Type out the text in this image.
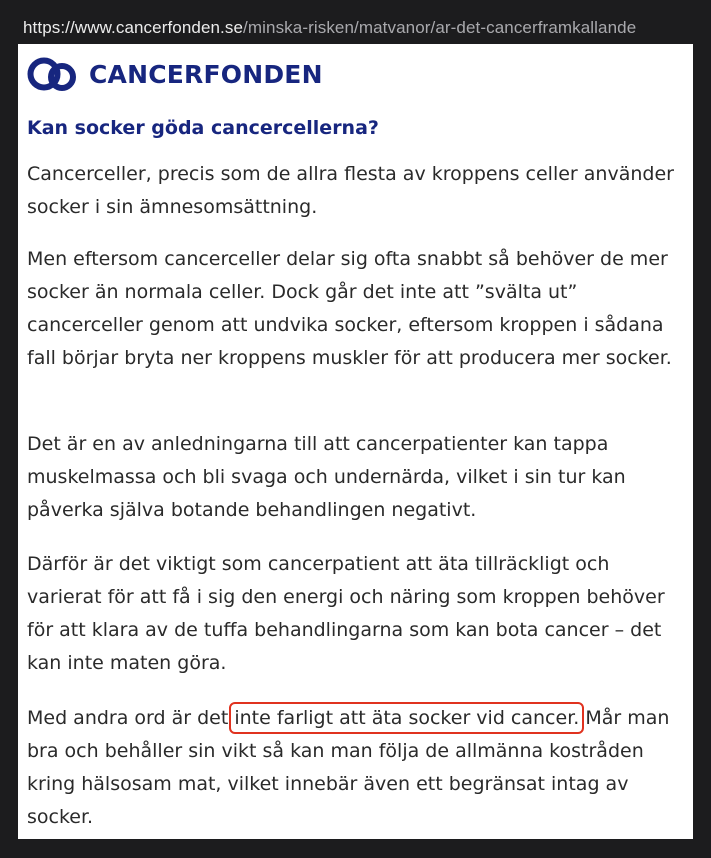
https://www.cancerfonden.se/minska-risken/matvanor/ar-det-cancerframkallande
CANCERFONDEN
Kan socker göda cancercellerna?

Cancerceller, precis som de allra flesta av kroppens celler använder socker i sin ämnesomsättning.

Men eftersom cancerceller delar sig ofta snabbt så behöver de mer socker än normala celler. Dock går det inte att ”svälta ut” cancerceller genom att undvika socker, eftersom kroppen i sådana fall börjar bryta ner kroppens muskler för att producera mer socker.

Det är en av anledningarna till att cancerpatienter kan tappa muskelmassa och bli svaga och undernärda, vilket i sin tur kan påverka själva botande behandlingen negativt.

Därför är det viktigt som cancerpatient att äta tillräckligt och varierat för att få i sig den energi och näring som kroppen behöver för att klara av de tuffa behandlingarna som kan bota cancer – det kan inte maten göra.

Med andra ord är det inte farligt att äta socker vid cancer. Mår man bra och behåller sin vikt så kan man följa de allmänna kostråden kring hälsosam mat, vilket innebär även ett begränsat intag av socker.
